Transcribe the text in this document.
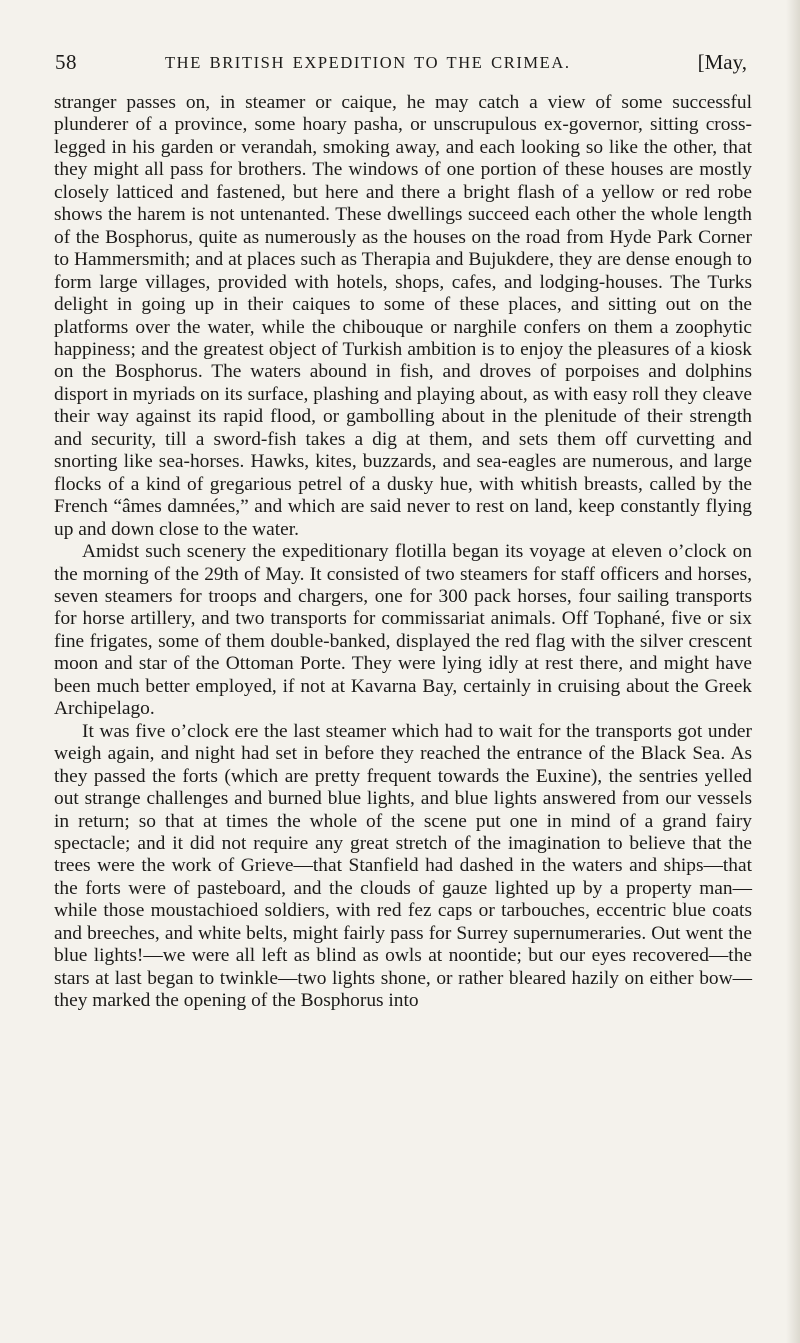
58	THE BRITISH EXPEDITION TO THE CRIMEA.	[May,

stranger passes on, in steamer or caique, he may catch a view of some successful plunderer of a province, some hoary pasha, or unscrupulous ex-governor, sitting cross-legged in his garden or verandah, smoking away, and each looking so like the other, that they might all pass for brothers. The windows of one portion of these houses are mostly closely latticed and fastened, but here and there a bright flash of a yellow or red robe shows the harem is not untenanted. These dwellings succeed each other the whole length of the Bosphorus, quite as numerously as the houses on the road from Hyde Park Corner to Hammersmith; and at places such as Therapia and Bujukdere, they are dense enough to form large villages, provided with hotels, shops, cafes, and lodging-houses. The Turks delight in going up in their caiques to some of these places, and sitting out on the platforms over the water, while the chibouque or narghile confers on them a zoophytic happiness; and the greatest object of Turkish ambition is to enjoy the pleasures of a kiosk on the Bosphorus. The waters abound in fish, and droves of porpoises and dolphins disport in myriads on its surface, plashing and playing about, as with easy roll they cleave their way against its rapid flood, or gambolling about in the plenitude of their strength and security, till a sword-fish takes a dig at them, and sets them off curvetting and snorting like sea-horses. Hawks, kites, buzzards, and sea-eagles are numerous, and large flocks of a kind of gregarious petrel of a dusky hue, with whitish breasts, called by the French “âmes damnées,” and which are said never to rest on land, keep constantly flying up and down close to the water.

Amidst such scenery the expeditionary flotilla began its voyage at eleven o’clock on the morning of the 29th of May. It consisted of two steamers for staff officers and horses, seven steamers for troops and chargers, one for 300 pack horses, four sailing transports for horse artillery, and two transports for commissariat animals. Off Tophané, five or six fine frigates, some of them double-banked, displayed the red flag with the silver crescent moon and star of the Ottoman Porte. They were lying idly at rest there, and might have been much better employed, if not at Kavarna Bay, certainly in cruising about the Greek Archipelago.

It was five o’clock ere the last steamer which had to wait for the transports got under weigh again, and night had set in before they reached the entrance of the Black Sea. As they passed the forts (which are pretty frequent towards the Euxine), the sentries yelled out strange challenges and burned blue lights, and blue lights answered from our vessels in return; so that at times the whole of the scene put one in mind of a grand fairy spectacle; and it did not require any great stretch of the imagination to believe that the trees were the work of Grieve—that Stanfield had dashed in the waters and ships—that the forts were of pasteboard, and the clouds of gauze lighted up by a property man—while those moustachioed soldiers, with red fez caps or tarbouches, eccentric blue coats and breeches, and white belts, might fairly pass for Surrey supernumeraries. Out went the blue lights!—we were all left as blind as owls at noontide; but our eyes recovered—the stars at last began to twinkle—two lights shone, or rather bleared hazily on either bow—they marked the opening of the Bosphorus into
